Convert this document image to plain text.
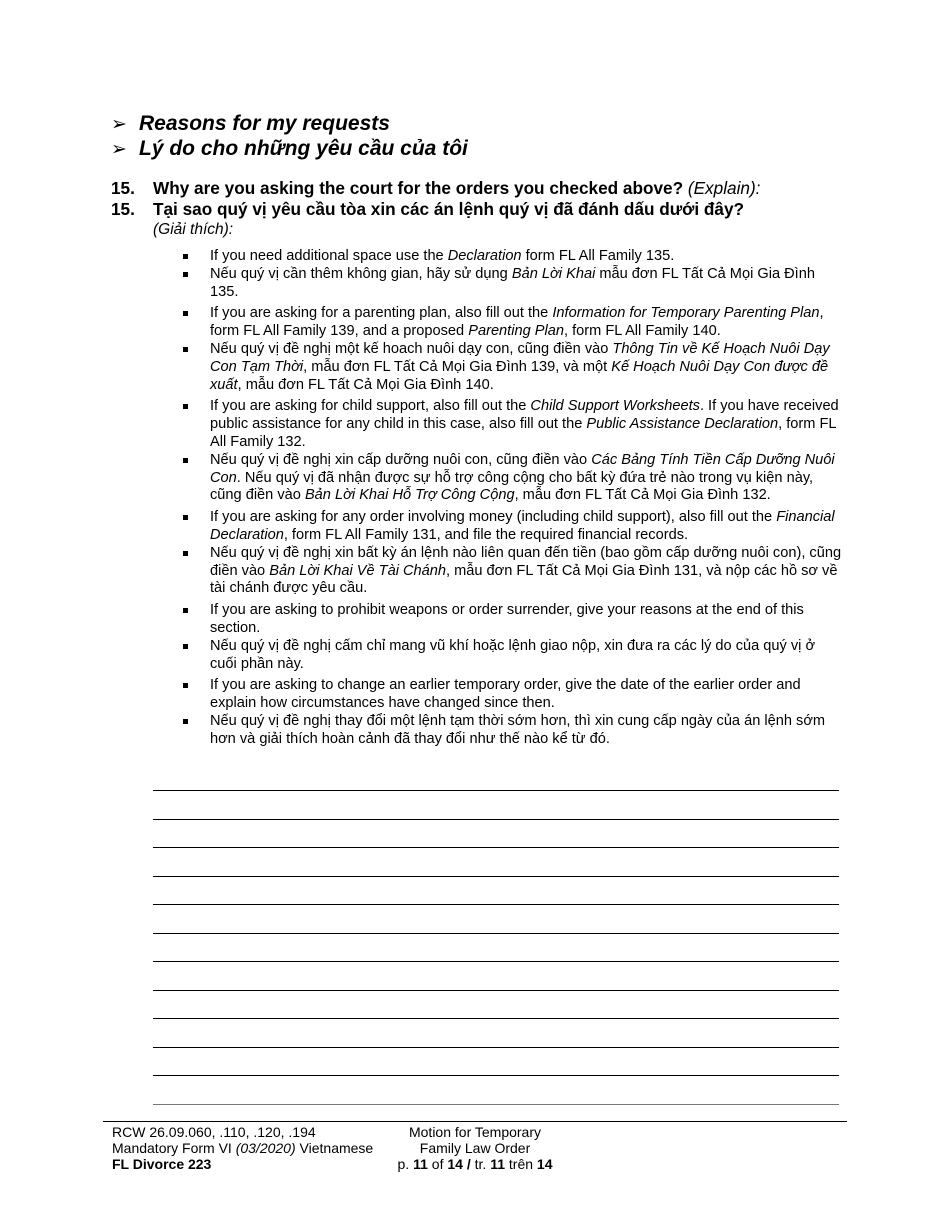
➢ Reasons for my requests
➢ Lý do cho những yêu cầu của tôi
15. Why are you asking the court for the orders you checked above? (Explain):
15. Tại sao quý vị yêu cầu tòa xin các án lệnh quý vị đã đánh dấu dưới đây?
(Giải thích):
If you need additional space use the Declaration form FL All Family 135.
Nếu quý vị cần thêm không gian, hãy sử dụng Bản Lời Khai mẫu đơn FL Tất Cả Mọi Gia Đình 135.
If you are asking for a parenting plan, also fill out the Information for Temporary Parenting Plan, form FL All Family 139, and a proposed Parenting Plan, form FL All Family 140.
Nếu quý vị đề nghị một kế hoach nuôi dạy con, cũng điền vào Thông Tin về Kế Hoạch Nuôi Dạy Con Tạm Thời, mẫu đơn FL Tất Cả Mọi Gia Đình 139, và một Kế Hoạch Nuôi Dạy Con được đề xuất, mẫu đơn FL Tất Cả Mọi Gia Đình 140.
If you are asking for child support, also fill out the Child Support Worksheets. If you have received public assistance for any child in this case, also fill out the Public Assistance Declaration, form FL All Family 132.
Nếu quý vị đề nghị xin cấp dưỡng nuôi con, cũng điền vào Các Bảng Tính Tiền Cấp Dưỡng Nuôi Con. Nếu quý vị đã nhận được sự hỗ trợ công cộng cho bất kỳ đứa trẻ nào trong vụ kiện này, cũng điền vào Bản Lời Khai Hỗ Trợ Công Cộng, mẫu đơn FL Tất Cả Mọi Gia Đình 132.
If you are asking for any order involving money (including child support), also fill out the Financial Declaration, form FL All Family 131, and file the required financial records.
Nếu quý vị đề nghị xin bất kỳ án lệnh nào liên quan đến tiền (bao gồm cấp dưỡng nuôi con), cũng điền vào Bản Lời Khai Về Tài Chánh, mẫu đơn FL Tất Cả Mọi Gia Đình 131, và nộp các hồ sơ về tài chánh được yêu cầu.
If you are asking to prohibit weapons or order surrender, give your reasons at the end of this section.
Nếu quý vị đề nghị cấm chỉ mang vũ khí hoặc lệnh giao nộp, xin đưa ra các lý do của quý vị ở cuối phần này.
If you are asking to change an earlier temporary order, give the date of the earlier order and explain how circumstances have changed since then.
Nếu quý vị đề nghị thay đổi một lệnh tạm thời sớm hơn, thì xin cung cấp ngày của án lệnh sớm hơn và giải thích hoàn cảnh đã thay đổi như thế nào kể từ đó.
RCW 26.09.060, .110, .120, .194
Mandatory Form VI (03/2020) Vietnamese
FL Divorce 223
Motion for Temporary
Family Law Order
p. 11 of 14 / tr. 11 trên 14
